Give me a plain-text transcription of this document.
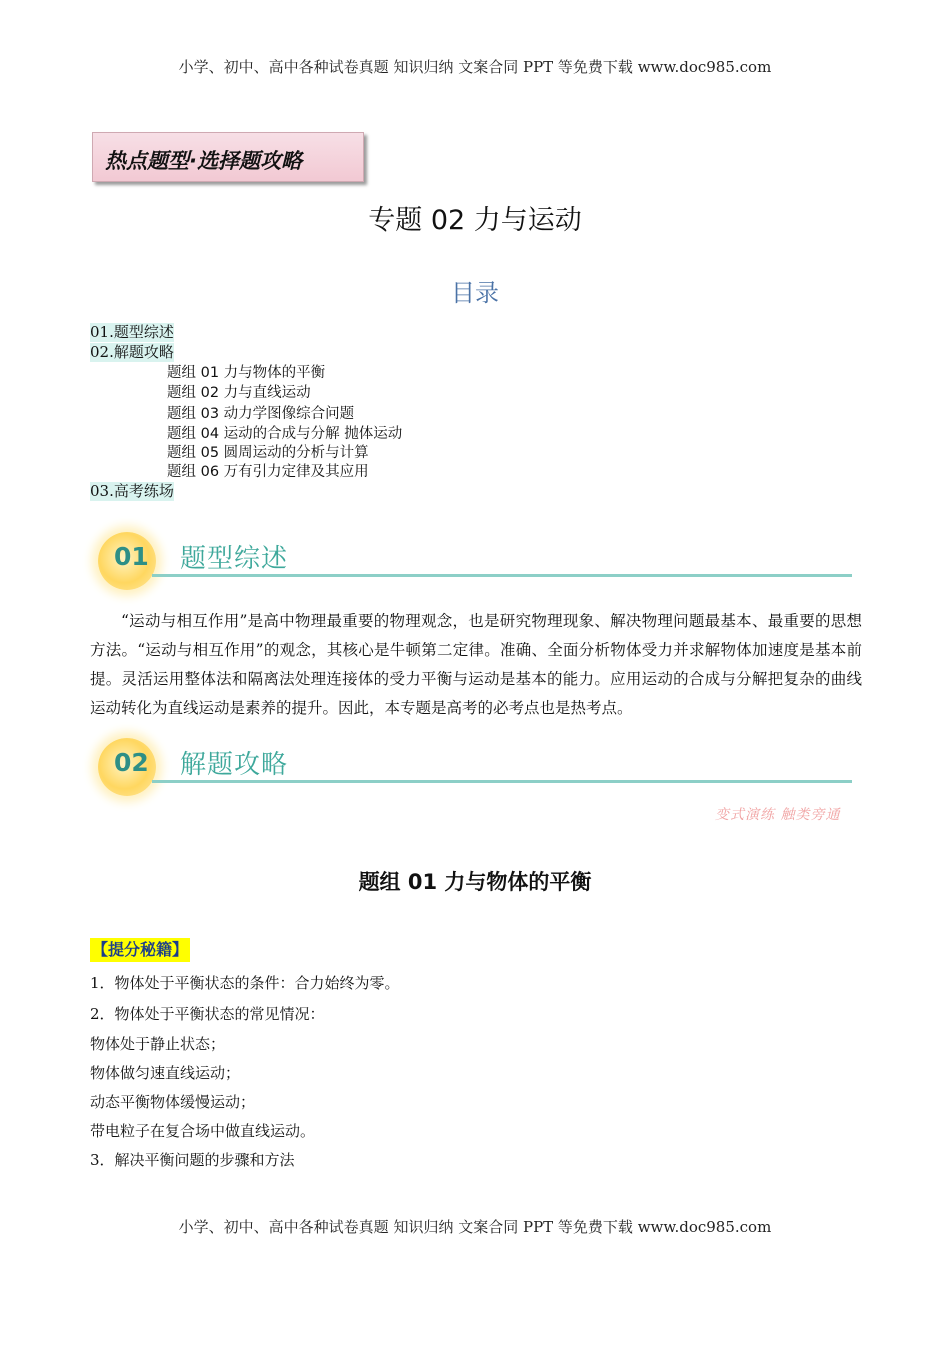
小学、初中、高中各种试卷真题 知识归纳 文案合同 PPT 等免费下载 www.doc985.com
热点题型·选择题攻略
专题 02 力与运动
目录
01.题型综述
02.解题攻略
题组 01 力与物体的平衡
题组 02 力与直线运动
题组 03 动力学图像综合问题
题组 04 运动的合成与分解 抛体运动
题组 05 圆周运动的分析与计算
题组 06 万有引力定律及其应用
03.高考练场
01 题型综述
“运动与相互作用”是高中物理最重要的物理观念，也是研究物理现象、解决物理问题最基本、最重要的思想方法。“运动与相互作用”的观念，其核心是牛顿第二定律。准确、全面分析物体受力并求解物体加速度是基本前提。灵活运用整体法和隔离法处理连接体的受力平衡与运动是基本的能力。应用运动的合成与分解把复杂的曲线运动转化为直线运动是素养的提升。因此，本专题是高考的必考点也是热考点。
02 解题攻略
变式演练 触类旁通
题组 01 力与物体的平衡
【提分秘籍】
1．物体处于平衡状态的条件：合力始终为零。
2．物体处于平衡状态的常见情况：
物体处于静止状态；
物体做匀速直线运动；
动态平衡物体缓慢运动；
带电粒子在复合场中做直线运动。
3．解决平衡问题的步骤和方法
小学、初中、高中各种试卷真题 知识归纳 文案合同 PPT 等免费下载 www.doc985.com
